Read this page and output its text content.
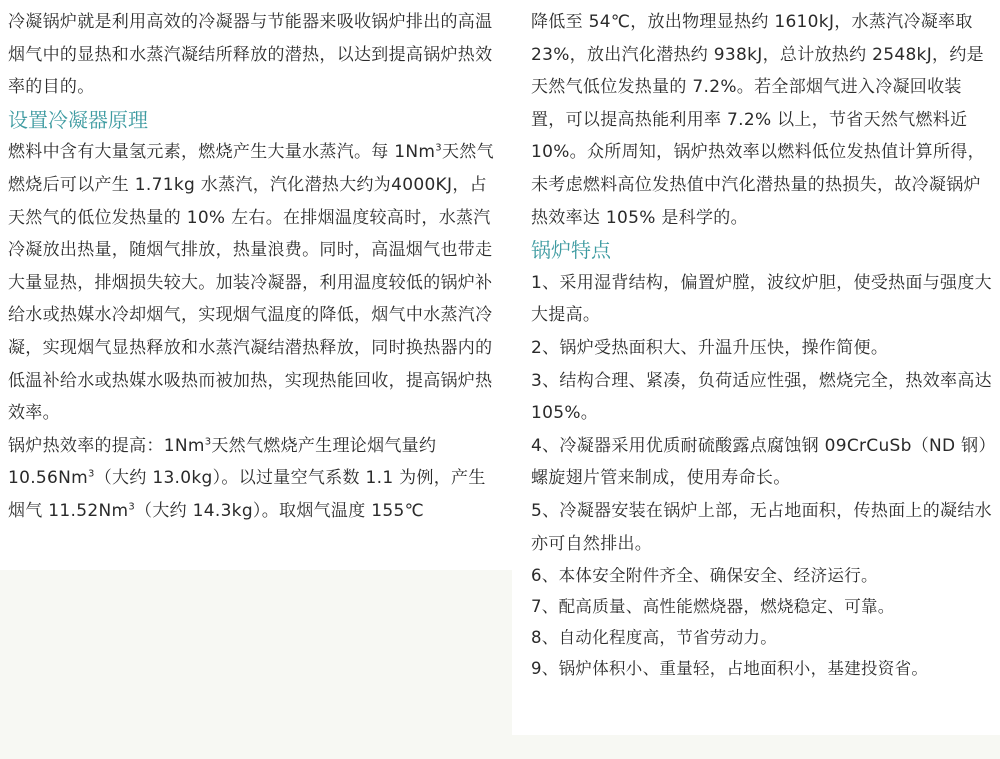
冷凝锅炉就是利用高效的冷凝器与节能器来吸收锅炉排出的高温烟气中的显热和水蒸汽凝结所释放的潜热，以达到提高锅炉热效率的目的。

设置冷凝器原理

燃料中含有大量氢元素，燃烧产生大量水蒸汽。每 1Nm$^3$天然气燃烧后可以产生 1.71kg 水蒸汽，汽化潜热大约为4000KJ，占天然气的低位发热量的 10% 左右。在排烟温度较高时，水蒸汽冷凝放出热量，随烟气排放，热量浪费。同时，高温烟气也带走大量显热，排烟损失较大。加装冷凝器，利用温度较低的锅炉补给水或热媒水冷却烟气，实现烟气温度的降低，烟气中水蒸汽冷凝，实现烟气显热释放和水蒸汽凝结潜热释放，同时换热器内的低温补给水或热媒水吸热而被加热，实现热能回收，提高锅炉热效率。

锅炉热效率的提高：1Nm$^3$天然气燃烧产生理论烟气量约10.56Nm$^3$（大约 13.0kg）。以过量空气系数 1.1 为例，产生烟气 11.52Nm$^3$（大约 14.3kg）。取烟气温度 155℃

降低至 54℃，放出物理显热约 1610kJ，水蒸汽冷凝率取23%，放出汽化潜热约 938kJ，总计放热约 2548kJ，约是天然气低位发热量的 7.2%。若全部烟气进入冷凝回收装置，可以提高热能利用率 7.2% 以上，节省天然气燃料近10%。众所周知，锅炉热效率以燃料低位发热值计算所得，未考虑燃料高位发热值中汽化潜热量的热损失，故冷凝锅炉热效率达 105% 是科学的。

锅炉特点

1、采用湿背结构，偏置炉膛，波纹炉胆，使受热面与强度大大提高。

2、锅炉受热面积大、升温升压快，操作简便。

3、结构合理、紧凑，负荷适应性强，燃烧完全，热效率高达 105%。

4、冷凝器采用优质耐硫酸露点腐蚀钢 09CrCuSb（ND 钢）螺旋翅片管来制成，使用寿命长。

5、冷凝器安装在锅炉上部，无占地面积，传热面上的凝结水亦可自然排出。

6、本体安全附件齐全、确保安全、经济运行。

7、配高质量、高性能燃烧器，燃烧稳定、可靠。

8、自动化程度高，节省劳动力。

9、锅炉体积小、重量轻，占地面积小，基建投资省。
